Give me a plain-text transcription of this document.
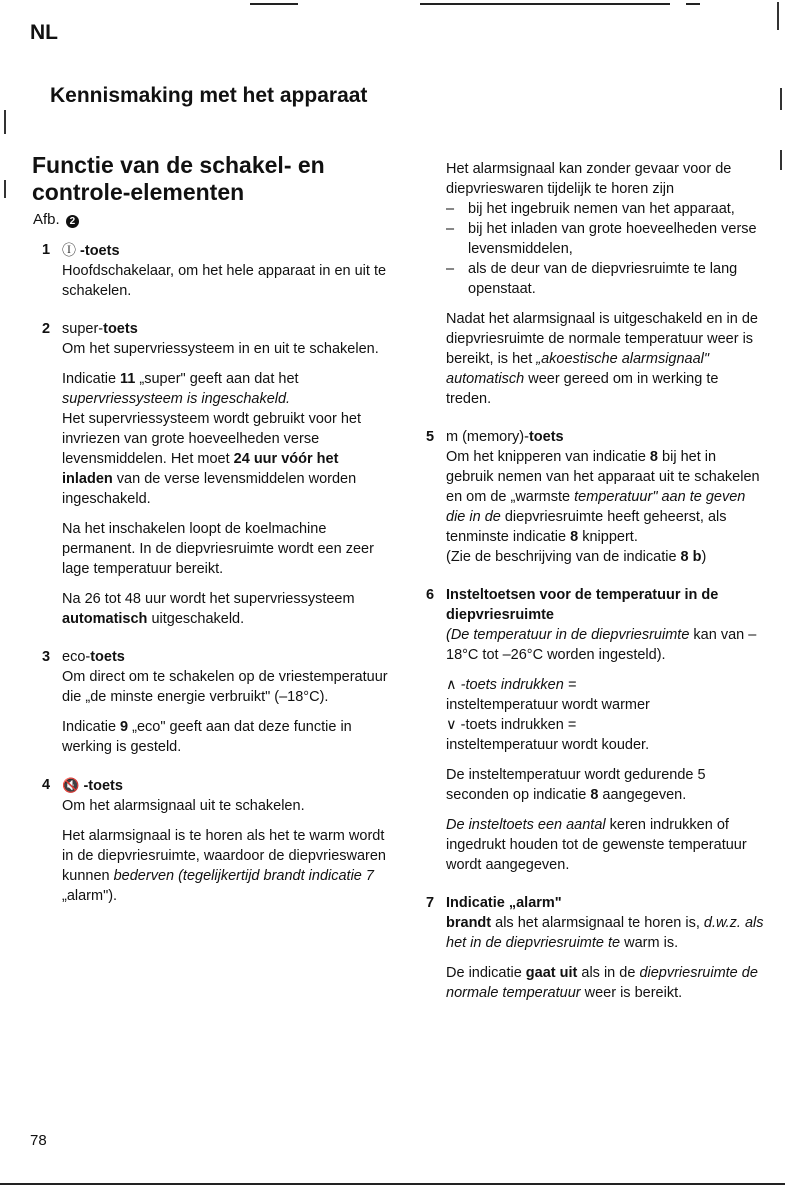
NL
Kennismaking met het apparaat
Functie van de schakel- en controle-elementen
Afb. 2
1 Ⓘ -toets
Hoofdschakelaar, om het hele apparaat in en uit te schakelen.

2 super-toets
Om het supervriessysteem in en uit te schakelen.

Indicatie 11 „super" geeft aan dat het supervriessysteem is ingeschakeld.
Het supervriessysteem wordt gebruikt voor het invriezen van grote hoeveelheden verse levensmiddelen. Het moet 24 uur vóór het inladen van de verse levensmiddelen worden ingeschakeld.

Na het inschakelen loopt de koelmachine permanent. In de diepvriesruimte wordt een zeer lage temperatuur bereikt.

Na 26 tot 48 uur wordt het supervriessysteem automatisch uitgeschakeld.

3 eco-toets
Om direct om te schakelen op de vriestemperatuur die „de minste energie verbruikt" (–18°C).

Indicatie 9 „eco" geeft aan dat deze functie in werking is gesteld.

4 🔇 -toets
Om het alarmsignaal uit te schakelen.

Het alarmsignaal is te horen als het te warm wordt in de diepvriesruimte, waardoor de diepvrieswaren kunnen bederven (tegelijkertijd brandt indicatie 7 „alarm").

Het alarmsignaal kan zonder gevaar voor de diepvrieswaren tijdelijk te horen zijn

– bij het ingebruik nemen van het apparaat,
– bij het inladen van grote hoeveelheden verse levensmiddelen,
– als de deur van de diepvriesruimte te lang openstaat.

Nadat het alarmsignaal is uitgeschakeld en in de diepvriesruimte de normale temperatuur weer is bereikt, is het „akoestische alarmsignaal" automatisch weer gereed om in werking te treden.

5 m (memory)-toets
Om het knipperen van indicatie 8 bij het in gebruik nemen van het apparaat uit te schakelen en om de „warmste temperatuur" aan te geven die in de diepvriesruimte heeft geheerst, als tenminste indicatie 8 knippert.

(Zie de beschrijving van de indicatie 8 b)

6 Insteltoetsen voor de temperatuur in de diepvriesruimte
(De temperatuur in de diepvriesruimte kan van –18°C tot –26°C worden ingesteld).

∧ -toets indrukken =
insteltemperatuur wordt warmer
∨ -toets indrukken =
insteltemperatuur wordt kouder.

De insteltemperatuur wordt gedurende 5 seconden op indicatie 8 aangegeven.

De insteltoets een aantal keren indrukken of ingedrukt houden tot de gewenste temperatuur wordt aangegeven.

7 Indicatie „alarm"
brandt als het alarmsignaal te horen is, d.w.z. als het in de diepvriesruimte te warm is.

De indicatie gaat uit als in de diepvriesruimte de normale temperatuur weer is bereikt.

78
